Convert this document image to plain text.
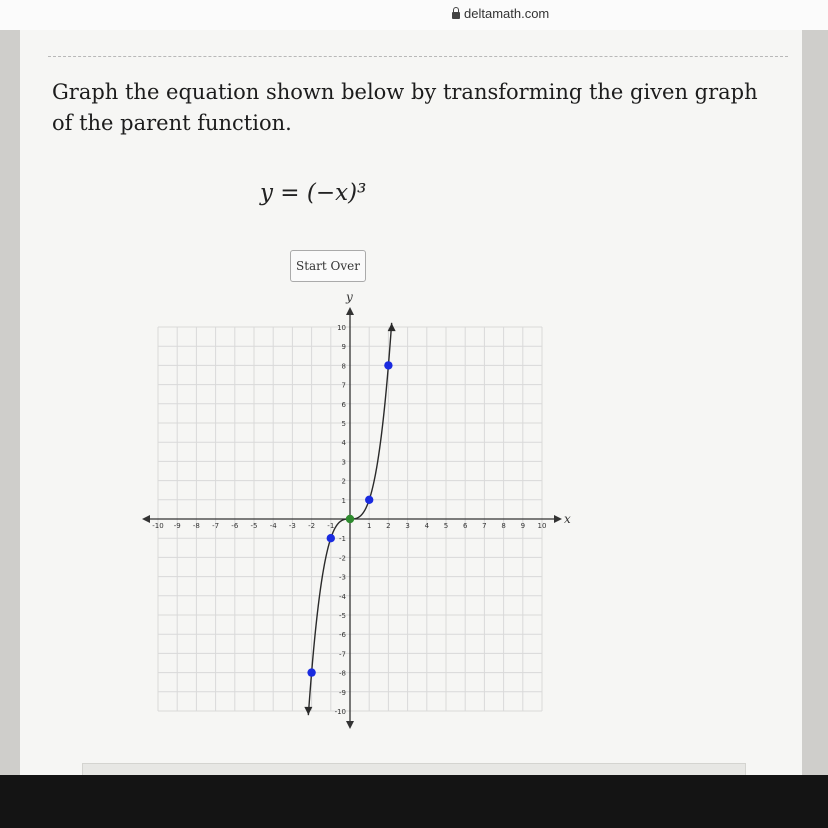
deltamath.com
Graph the equation shown below by transforming the given graph of the parent function.
y = (−x)³
Start Over
x
y
-10 -9 -8 -7 -6 -5 -4 -3 -2 -1	1 2 3 4 5 6 7 8 9 10
10
9
8
7
6
5
4
3
2
1
-1
-2
-3
-4
-5
-6
-7
-8
-9
-10
